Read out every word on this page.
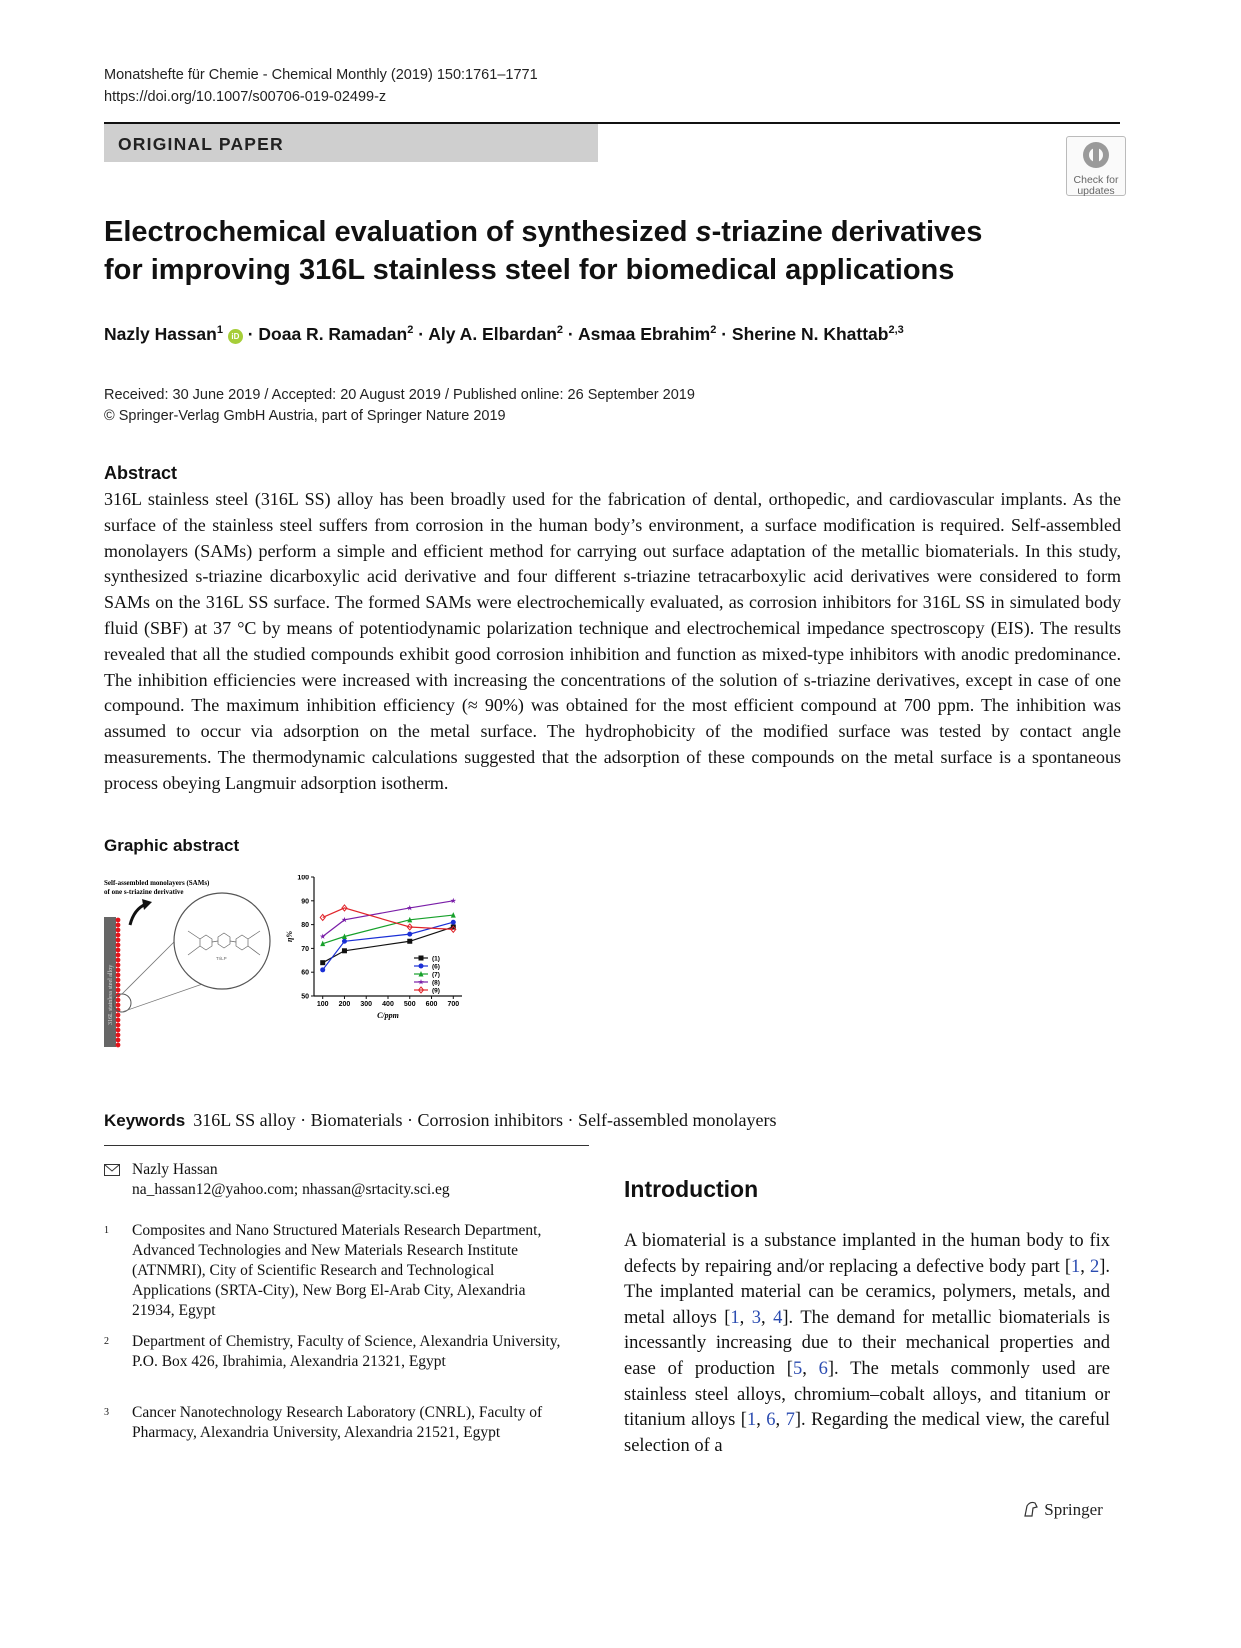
Monatshefte für Chemie - Chemical Monthly (2019) 150:1761–1771
https://doi.org/10.1007/s00706-019-02499-z
ORIGINAL PAPER
Check for
updates
Electrochemical evaluation of synthesized s-triazine derivatives
for improving 316L stainless steel for biomedical applications
Nazly Hassan$^1$ iD · Doaa R. Ramadan$^2$ · Aly A. Elbardan$^2$ · Asmaa Ebrahim$^2$ · Sherine N. Khattab$^{2,3}$
Received: 30 June 2019 / Accepted: 20 August 2019 / Published online: 26 September 2019
© Springer-Verlag GmbH Austria, part of Springer Nature 2019
Abstract
316L stainless steel (316L SS) alloy has been broadly used for the fabrication of dental, orthopedic, and cardiovascular implants. As the surface of the stainless steel suffers from corrosion in the human body’s environment, a surface modification is required. Self-assembled monolayers (SAMs) perform a simple and efficient method for carrying out surface adaptation of the metallic biomaterials. In this study, synthesized s-triazine dicarboxylic acid derivative and four different s-triazine tetracarboxylic acid derivatives were considered to form SAMs on the 316L SS surface. The formed SAMs were electrochemically evaluated, as corrosion inhibitors for 316L SS in simulated body fluid (SBF) at 37 °C by means of potentiodynamic polarization technique and electrochemical impedance spectroscopy (EIS). The results revealed that all the studied compounds exhibit good corrosion inhibition and function as mixed-type inhibitors with anodic predominance. The inhibition efficiencies were increased with increasing the concentrations of the solution of s-triazine derivatives, except in case of one compound. The maximum inhibition efficiency (≈ 90%) was obtained for the most efficient compound at 700 ppm. The inhibition was assumed to occur via adsorption on the metal surface. The hydrophobicity of the modified surface was tested by contact angle measurements. The thermodynamic calculations suggested that the adsorption of these compounds on the metal surface is a spontaneous process obeying Langmuir adsorption isotherm.
Graphic abstract
Self-assembled monolayers (SAMs)
of one s-triazine derivative
316L stainless steel alloy
TriLP
50
60
70
80
90
100
100 200 300 400 500 600 700
C/ppm
η%
(1)
(6)
(7)
(8)
(9)
Keywords 316L SS alloy · Biomaterials · Corrosion inhibitors · Self-assembled monolayers
Nazly Hassan
na_hassan12@yahoo.com; nhassan@srtacity.sci.eg
1 Composites and Nano Structured Materials Research Department, Advanced Technologies and New Materials Research Institute (ATNMRI), City of Scientific Research and Technological Applications (SRTA-City), New Borg El-Arab City, Alexandria 21934, Egypt
2 Department of Chemistry, Faculty of Science, Alexandria University, P.O. Box 426, Ibrahimia, Alexandria 21321, Egypt
3 Cancer Nanotechnology Research Laboratory (CNRL), Faculty of Pharmacy, Alexandria University, Alexandria 21521, Egypt
Introduction
A biomaterial is a substance implanted in the human body to fix defects by repairing and/or replacing a defective body part [1, 2]. The implanted material can be ceramics, polymers, metals, and metal alloys [1, 3, 4]. The demand for metallic biomaterials is incessantly increasing due to their mechanical properties and ease of production [5, 6]. The metals commonly used are stainless steel alloys, chromium–cobalt alloys, and titanium or titanium alloys [1, 6, 7]. Regarding the medical view, the careful selection of a
Springer
